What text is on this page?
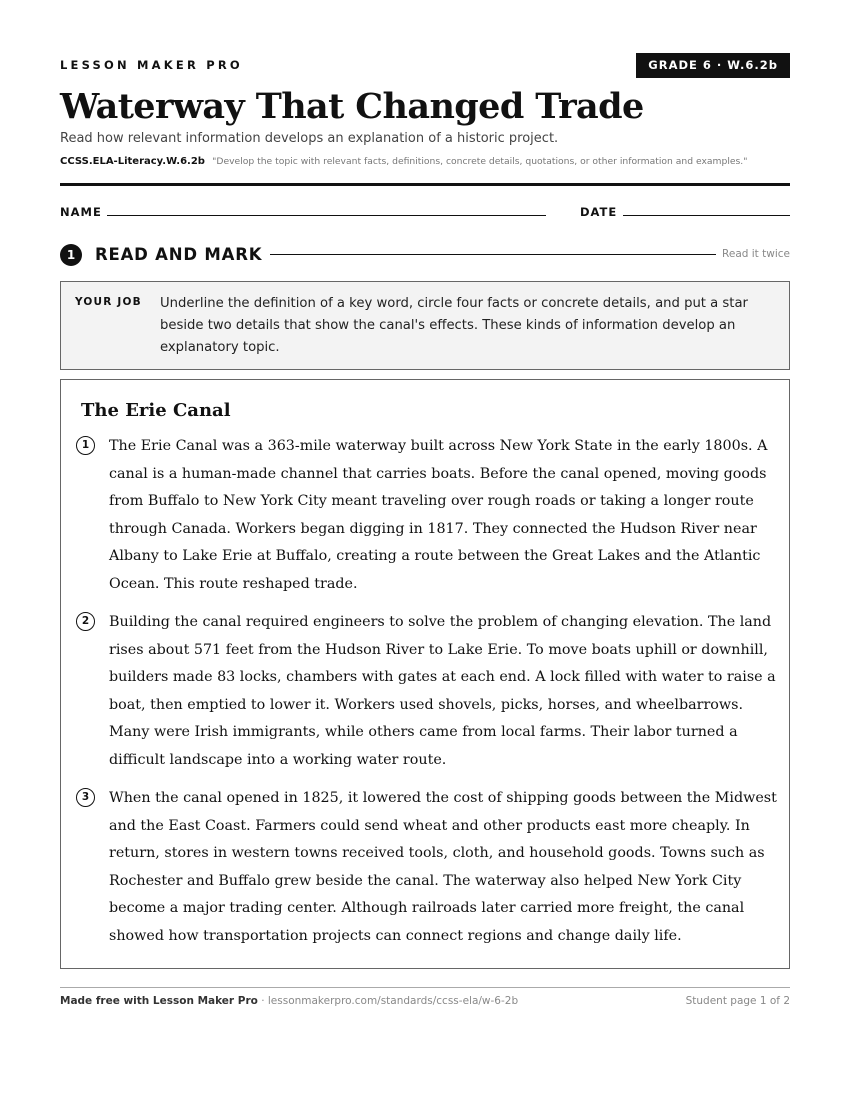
LESSON MAKER PRO	GRADE 6 · W.6.2b
Waterway That Changed Trade
Read how relevant information develops an explanation of a historic project.
CCSS.ELA-Literacy.W.6.2b "Develop the topic with relevant facts, definitions, concrete details, quotations, or other information and examples."
NAME	DATE
1	READ AND MARK	Read it twice
YOUR JOB Underline the definition of a key word, circle four facts or concrete details, and put a star beside two details that show the canal's effects. These kinds of information develop an explanatory topic.
The Erie Canal
1	The Erie Canal was a 363-mile waterway built across New York State in the early 1800s. A canal is a human-made channel that carries boats. Before the canal opened, moving goods from Buffalo to New York City meant traveling over rough roads or taking a longer route through Canada. Workers began digging in 1817. They connected the Hudson River near Albany to Lake Erie at Buffalo, creating a route between the Great Lakes and the Atlantic Ocean. This route reshaped trade.
2	Building the canal required engineers to solve the problem of changing elevation. The land rises about 571 feet from the Hudson River to Lake Erie. To move boats uphill or downhill, builders made 83 locks, chambers with gates at each end. A lock filled with water to raise a boat, then emptied to lower it. Workers used shovels, picks, horses, and wheelbarrows. Many were Irish immigrants, while others came from local farms. Their labor turned a difficult landscape into a working water route.
3	When the canal opened in 1825, it lowered the cost of shipping goods between the Midwest and the East Coast. Farmers could send wheat and other products east more cheaply. In return, stores in western towns received tools, cloth, and household goods. Towns such as Rochester and Buffalo grew beside the canal. The waterway also helped New York City become a major trading center. Although railroads later carried more freight, the canal showed how transportation projects can connect regions and change daily life.
Made free with Lesson Maker Pro · lessonmakerpro.com/standards/ccss-ela/w-6-2b	Student page 1 of 2
